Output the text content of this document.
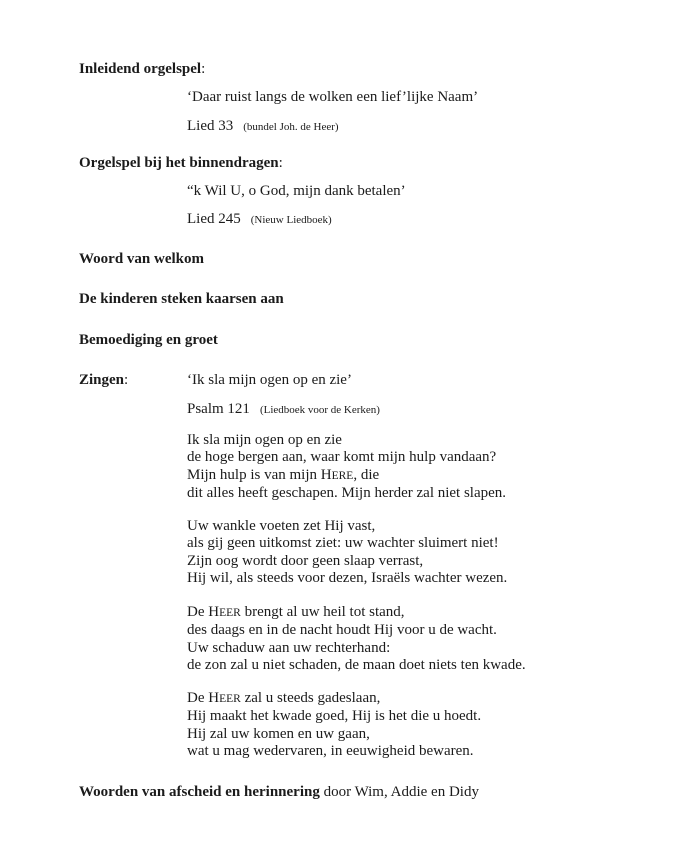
Inleidend orgelspel:
‘Daar ruist langs de wolken een lief’lijke Naam’
Lied 33 (bundel Joh. de Heer)
Orgelspel bij het binnendragen:
“k Wil U, o God, mijn dank betalen’
Lied 245 (Nieuw Liedboek)
Woord van welkom
De kinderen steken kaarsen aan
Bemoediging en groet
Zingen:	‘Ik sla mijn ogen op en zie’
Psalm 121 (Liedboek voor de Kerken)
Ik sla mijn ogen op en zie
de hoge bergen aan, waar komt mijn hulp vandaan?
Mijn hulp is van mijn HERE, die
dit alles heeft geschapen. Mijn herder zal niet slapen.
Uw wankle voeten zet Hij vast,
als gij geen uitkomst ziet: uw wachter sluimert niet!
Zijn oog wordt door geen slaap verrast,
Hij wil, als steeds voor dezen, Israëls wachter wezen.
De HEER brengt al uw heil tot stand,
des daags en in de nacht houdt Hij voor u de wacht.
Uw schaduw aan uw rechterhand:
de zon zal u niet schaden, de maan doet niets ten kwade.
De HEER zal u steeds gadeslaan,
Hij maakt het kwade goed, Hij is het die u hoedt.
Hij zal uw komen en uw gaan,
wat u mag wedervaren, in eeuwigheid bewaren.
Woorden van afscheid en herinnering door Wim, Addie en Didy
